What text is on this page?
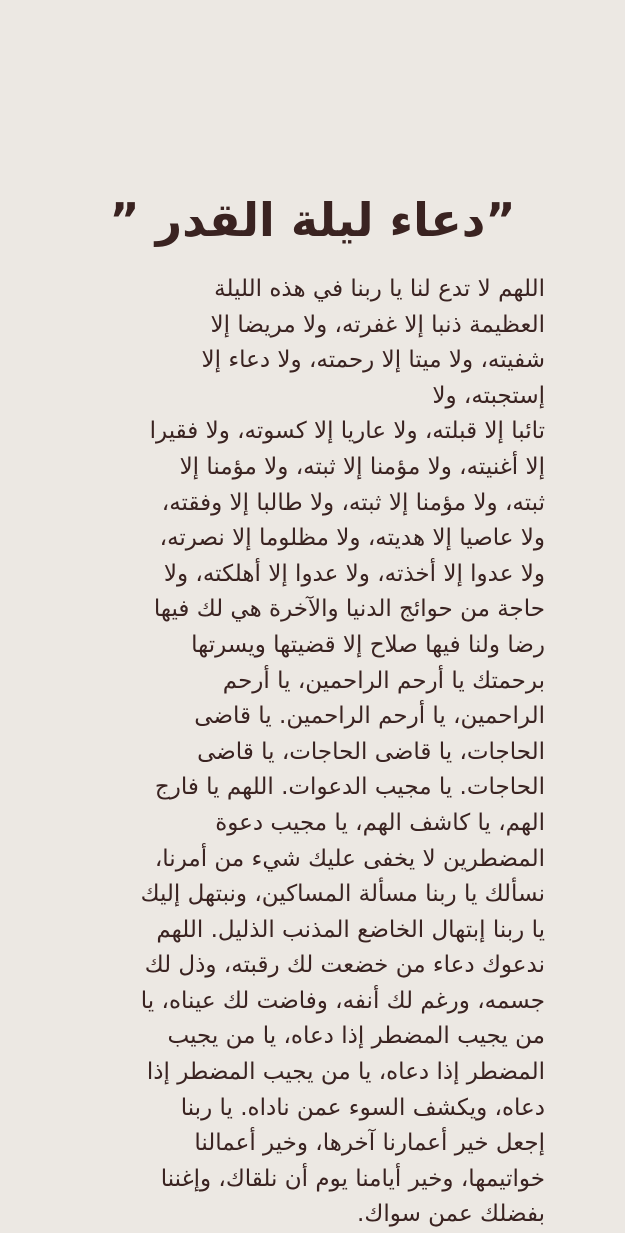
”دعاء ليلة القدر ”
اللهم لا تدع لنا يا ربنا في هذه الليلة
العظيمة ذنبا إلا غفرته، ولا مريضا إلا
شفيته، ولا ميتا إلا رحمته، ولا دعاء إلا
إستجبته، ولا
تائبا إلا قبلته، ولا عاريا إلا كسوته، ولا فقيرا
إلا أغنيته، ولا مؤمنا إلا ثبته، ولا مؤمنا إلا
ثبته، ولا مؤمنا إلا ثبته، ولا طالبا إلا وفقته،
ولا عاصيا إلا هديته، ولا مظلوما إلا نصرته،
ولا عدوا إلا أخذته، ولا عدوا إلا أهلكته، ولا
حاجة من حوائج الدنيا والآخرة هي لك فيها
رضا ولنا فيها صلاح إلا قضيتها ويسرتها
برحمتك يا أرحم الراحمين، يا أرحم
الراحمين، يا أرحم الراحمين. يا قاضى
الحاجات، يا قاضى الحاجات، يا قاضى
الحاجات. يا مجيب الدعوات. اللهم يا فارج
الهم، يا كاشف الهم، يا مجيب دعوة
المضطرين لا يخفى عليك شيء من أمرنا،
نسألك يا ربنا مسألة المساكين، ونبتهل إليك
يا ربنا إبتهال الخاضع المذنب الذليل. اللهم
ندعوك دعاء من خضعت لك رقبته، وذل لك
جسمه، ورغم لك أنفه، وفاضت لك عيناه، يا
من يجيب المضطر إذا دعاه، يا من يجيب
المضطر إذا دعاه، يا من يجيب المضطر إذا
دعاه، ويكشف السوء عمن ناداه. يا ربنا
إجعل خير أعمارنا آخرها، وخير أعمالنا
خواتيمها، وخير أيامنا يوم أن نلقاك، وإغننا
بفضلك عمن سواك.
